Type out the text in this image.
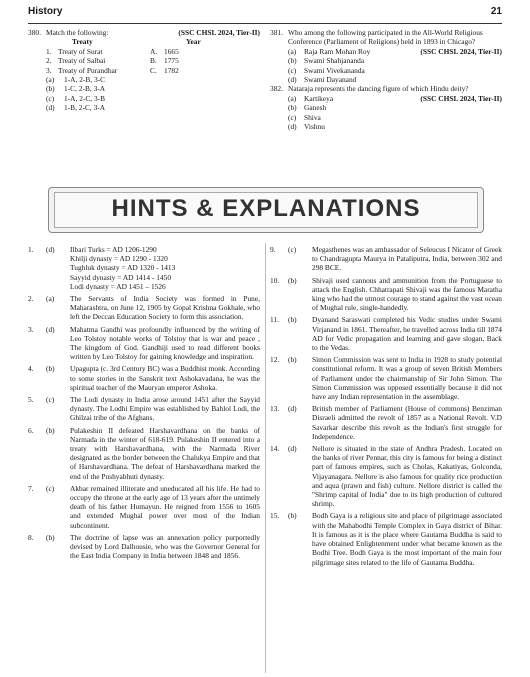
History	21
380. Match the following:	(SSC CHSL 2024, Tier-II)
Treaty	Year
1. Treaty of Surat	A. 1665
2. Treaty of Salbai	B. 1775
3. Treaty of Purandhar	C. 1782
(a)	1-A, 2-B, 3-C
(b)	1-C, 2-B, 3-A
(c)	1-A, 2-C, 3-B
(d)	1-B, 2-C, 3-A
381. Who among the following participated in the All-World Religious Conference (Parliament of Religions) held in 1893 in Chicago?
(SSC CHSL 2024, Tier-II)
(a)	Raja Ram Mohan Roy
(b) Swami Shahjananda
(c)	Swami Vivekananda
(d) Swami Dayanand
382. Nataraja represents the dancing figure of which Hindu deity?
(SSC CHSL 2024, Tier-II)
(a)	Kartikeya
(b) Ganesh
(c)	Shiva
(d) Vishnu
HINTS & EXPLANATIONS
1.	(d)	Ilbari Turks = AD 1206-1290
Khilji dynasty = AD 1290 - 1320
Tughluk dynasty = AD 1320 - 1413
Sayyid dynasty = AD 1414 - 1450
Lodi dynasty = AD 1451 – 1526
2.	(a)	The Servants of India Society was formed in Pune, Maharashtra, on June 12, 1905 by Gopal Krishna Gokhale, who left the Deccan Education Society to form this association.
3.	(d)	Mahatma Gandhi was profoundly influenced by the writing of Leo Tolstoy notable works of Tolstoy that is war and peace , The kingdom of God. Gandhiji used to read different books written by Leo Tolstoy for gaining knowledge and inspiration.
4.	(b)	Upagupta (c. 3rd Century BC) was a Buddhist monk. According to some stories in the Sanskrit text Ashokavadana, he was the spiritual teacher of the Mauryan emperor Ashoka.
5.	(c)	The Lodi dynasty in India arose around 1451 after the Sayyid dynasty. The Lodhi Empire was established by Bahlol Lodi, the Ghilzai tribe of the Afghans.
6.	(b)	Pulakeshin II defeated Harshavardhana on the banks of Narmada in the winter of 618-619. Pulakeshin II entered into a treaty with Harshavardhana, with the Narmada River designated as the border between the Chalukya Empire and that of Harshavardhana. The defeat of Harshavardhana marked the end of the Pushyabhuti dynasty.
7.	(c)	Akbar remained illiterate and uneducated all his life. He had to occupy the throne at the early age of 13 years after the untimely death of his father Humayun. He reigned from 1556 to 1605 and extended Mughal power over most of the Indian subcontinent.
8.	(b)	The doctrine of lapse was an annexation policy purportedly devised by Lord Dalhousie, who was the Governor General for the East India Company in India between 1848 and 1856.
9.	(c)	Megasthenes was an ambassador of Seleucus I Nicator of Greek to Chandragupta Maurya in Pataliputra, India, between 302 and 298 BCE.
10.	(b)	Shivaji used cannons and ammunition from the Portuguese to attack the English. Chhatrapati Shivaji was the famous Maratha king who had the utmost courage to stand against the vast ocean of Mughal rule, single-handedly.
11.	(b)	Dyanand Saraswati completed his Vedic studies under Swami Virjanand in 1861. Thereafter, he travelled across India till 1874 AD for Vedic propagation and learning and gave slogan, Back to the Vedas.
12.	(b)	Simon Commission was sent to India in 1928 to study potential constitutional reform. It was a group of seven British Members of Parliament under the chairmanship of Sir John Simon. The Simon Commission was opposed essentially because it did not have any Indian representation in the assemblage.
13.	(d)	British member of Parliament (House of commons) Benziman Disraeli admitted the revolt of 1857 as a National Revolt. V.D Savarkar describe this revolt as the Indian's first struggle for Independence.
14.	(d)	Nellore is situated in the state of Andhra Pradesh. Located on the banks of river Pennar, this city is famous for being a distinct part of famous empires, such as Cholas, Kakatiyas, Golconda, Vijayanagara. Nellore is also famous for quality rice production and aqua (prawn and fish) culture. Nellore district is called the "Shrimp capital of India" due to its high production of cultured shrimp.
15.	(b)	Bodh Gaya is a religious site and place of pilgrimage associated with the Mahabodhi Temple Complex in Gaya district of Bihar. It is famous as it is the place where Gautama Buddha is said to have obtained Enlightenment under what became known as the Bodhi Tree. Bodh Gaya is the most important of the main four pilgrimage sites related to the life of Gautama Buddha.
